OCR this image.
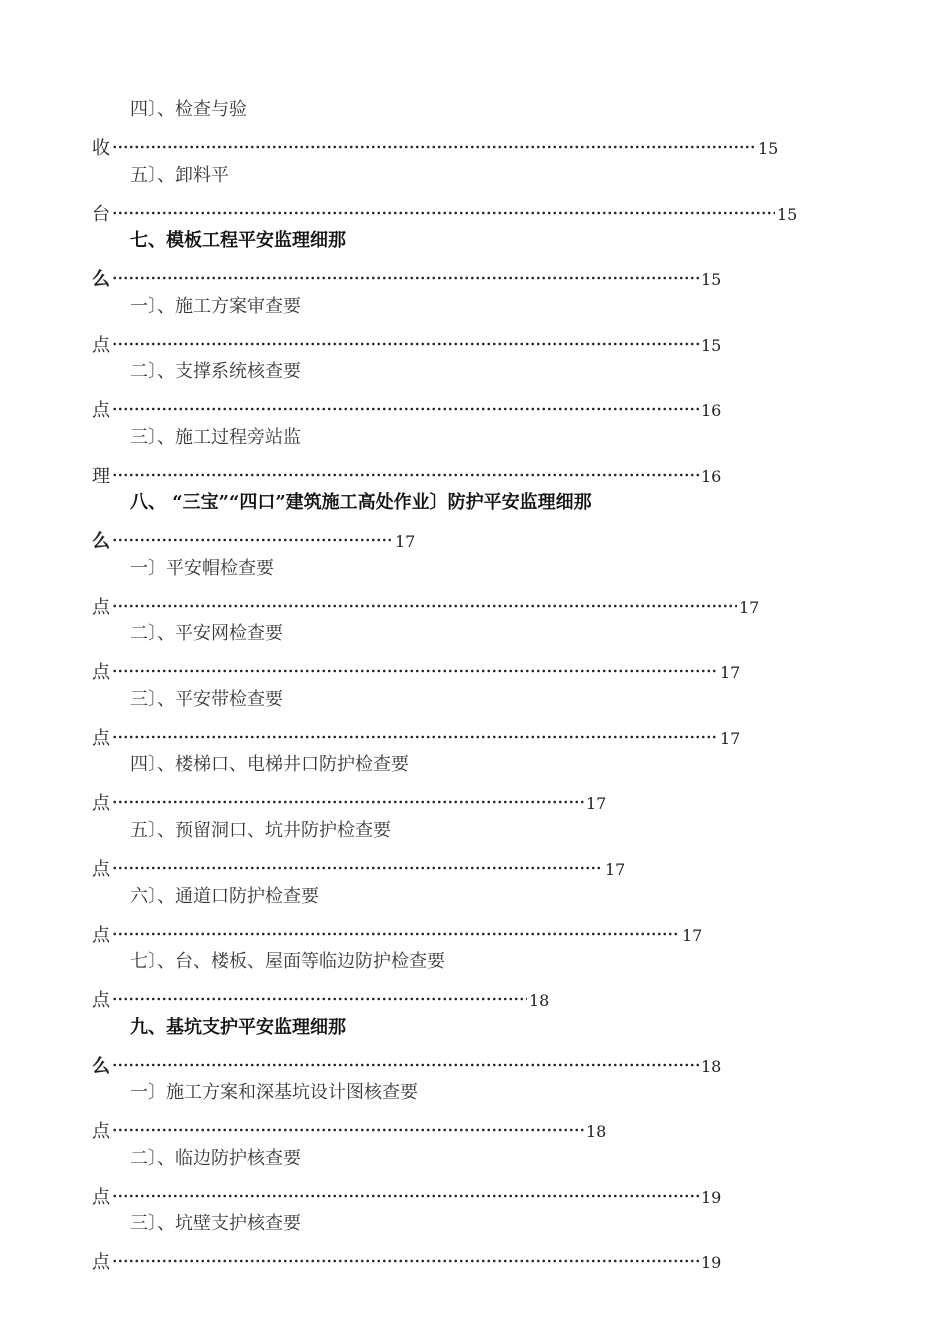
四〕、检查与验
收	15
五〕、卸料平
台	15
七、模板工程平安监理细那
么	15
一〕、施工方案审查要
点	15
二〕、支撑系统核查要
点	16
三〕、施工过程旁站监
理	16
八、 “三宝”“四口”建筑施工高处作业〕防护平安监理细那
么	17
一〕平安帽检查要
点	17
二〕、平安网检查要
点	17
三〕、平安带检查要
点	17
四〕、楼梯口、电梯井口防护检查要
点	17
五〕、预留洞口、坑井防护检查要
点	17
六〕、通道口防护检查要
点	17
七〕、台、楼板、屋面等临边防护检查要
点	18
九、基坑支护平安监理细那
么	18
一〕施工方案和深基坑设计图核查要
点	18
二〕、临边防护核查要
点	19
三〕、坑壁支护核查要
点	19
